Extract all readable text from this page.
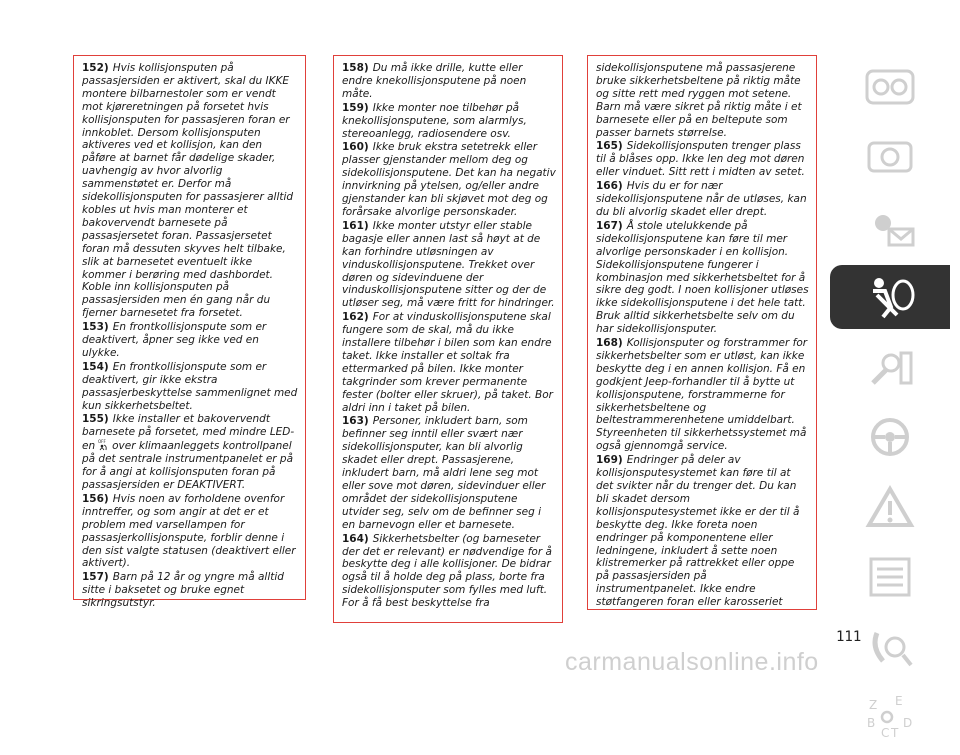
152) Hvis kollisjonsputen på passasjersiden er aktivert, skal du IKKE montere bilbarnestoler som er vendt mot kjøreretningen på forsetet hvis kollisjonsputen for passasjeren foran er innkoblet. Dersom kollisjonsputen aktiveres ved et kollisjon, kan den påføre at barnet får dødelige skader, uavhengig av hvor alvorlig sammenstøtet er. Derfor må sidekollisjonsputen for passasjerer alltid kobles ut hvis man monterer et bakovervendt barnesete på passasjersetet foran. Passasjersetet foran må dessuten skyves helt tilbake, slik at barnesetet eventuelt ikke kommer i berøring med dashbordet. Koble inn kollisjonsputen på passasjersiden men én gang når du fjerner barnesetet fra forsetet.

153) En frontkollisjonspute som er deaktivert, åpner seg ikke ved en ulykke.

154) En frontkollisjonspute som er deaktivert, gir ikke ekstra passasjerbeskyttelse sammenlignet med kun sikkerhetsbeltet.

155) Ikke installer et bakovervendt barnesete på forsetet, med mindre LED-
en OFF over klimaanleggets kontrollpanel på det sentrale instrumentpanelet er på for å angi at kollisjonsputen foran på passasjersiden er DEAKTIVERT.

156) Hvis noen av forholdene ovenfor inntreffer, og som angir at det er et problem med varsellampen for passasjerkollisjonspute, forblir denne i den sist valgte statusen (deaktivert eller aktivert).

157) Barn på 12 år og yngre må alltid sitte i baksetet og bruke egnet sikringsutstyr.

158) Du må ikke drille, kutte eller endre knekollisjonsputene på noen måte.

159) Ikke monter noe tilbehør på knekollisjonsputene, som alarmlys, stereoanlegg, radiosendere osv.

160) Ikke bruk ekstra setetrekk eller plasser gjenstander mellom deg og sidekollisjonsputene. Det kan ha negativ innvirkning på ytelsen, og/eller andre gjenstander kan bli skjøvet mot deg og forårsake alvorlige personskader.

161) Ikke monter utstyr eller stable bagasje eller annen last så høyt at de kan forhindre utløsningen av vinduskollisjonsputene. Trekket over døren og sidevinduene der vinduskollisjonsputene sitter og der de utløser seg, må være fritt for hindringer.

162) For at vinduskollisjonsputene skal fungere som de skal, må du ikke installere tilbehør i bilen som kan endre taket. Ikke installer et soltak fra ettermarked på bilen. Ikke monter takgrinder som krever permanente fester (bolter eller skruer), på taket. Bor aldri inn i taket på bilen.

163) Personer, inkludert barn, som befinner seg inntil eller svært nær sidekollisjonsputer, kan bli alvorlig skadet eller drept. Passasjerene, inkludert barn, må aldri lene seg mot eller sove mot døren, sidevinduer eller området der sidekollisjonsputene utvider seg, selv om de befinner seg i en barnevogn eller et barnesete.

164) Sikkerhetsbelter (og barneseter der det er relevant) er nødvendige for å beskytte deg i alle kollisjoner. De bidrar også til å holde deg på plass, borte fra sidekollisjonsputer som fylles med luft. For å få best beskyttelse fra

sidekollisjonsputene må passasjerene bruke sikkerhetsbeltene på riktig måte og sitte rett med ryggen mot setene. Barn må være sikret på riktig måte i et barnesete eller på en beltepute som passer barnets størrelse.

165) Sidekollisjonsputen trenger plass til å blåses opp. Ikke len deg mot døren eller vinduet. Sitt rett i midten av setet.

166) Hvis du er for nær sidekollisjonsputene når de utløses, kan du bli alvorlig skadet eller drept.

167) Å stole utelukkende på sidekollisjonsputene kan føre til mer alvorlige personskader i en kollisjon. Sidekollisjonsputene fungerer i kombinasjon med sikkerhetsbeltet for å sikre deg godt. I noen kollisjoner utløses ikke sidekollisjonsputene i det hele tatt. Bruk alltid sikkerhetsbelte selv om du har sidekollisjonsputer.

168) Kollisjonsputer og forstrammer for sikkerhetsbelter som er utløst, kan ikke beskytte deg i en annen kollisjon. Få en godkjent Jeep-forhandler til å bytte ut kollisjonsputene, forstrammerne for sikkerhetsbeltene og beltestrammerenhetene umiddelbart. Styreenheten til sikkerhetssystemet må også gjennomgå service.

169) Endringer på deler av kollisjonsputesystemet kan føre til at det svikter når du trenger det. Du kan bli skadet dersom kollisjonsputesystemet ikke er der til å beskytte deg. Ikke foreta noen endringer på komponentene eller ledningene, inkludert å sette noen klistremerker på rattrekket eller oppe på passasjersiden på instrumentpanelet. Ikke endre støtfangeren foran eller karosseriet

Z E
B
C T
D
111
carmanualsonline.info
